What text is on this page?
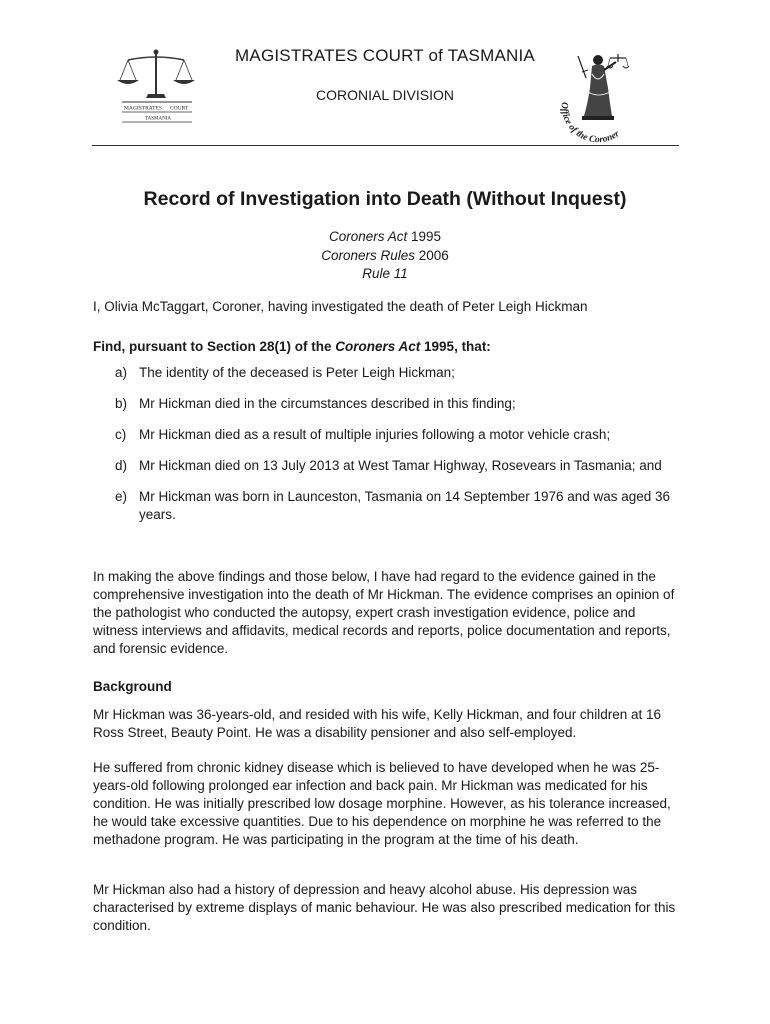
MAGISTRATES COURT
TASMANIA
MAGISTRATES COURT of TASMANIA
CORONIAL DIVISION
Office of the Coroner
Record of Investigation into Death (Without Inquest)
Coroners Act 1995
Coroners Rules 2006
Rule 11

I, Olivia McTaggart, Coroner, having investigated the death of Peter Leigh Hickman

Find, pursuant to Section 28(1) of the Coroners Act 1995, that:

a) The identity of the deceased is Peter Leigh Hickman;
b) Mr Hickman died in the circumstances described in this finding;
c) Mr Hickman died as a result of multiple injuries following a motor vehicle crash;
d) Mr Hickman died on 13 July 2013 at West Tamar Highway, Rosevears in Tasmania; and
e) Mr Hickman was born in Launceston, Tasmania on 14 September 1976 and was aged 36 years.

In making the above findings and those below, I have had regard to the evidence gained in the comprehensive investigation into the death of Mr Hickman. The evidence comprises an opinion of the pathologist who conducted the autopsy, expert crash investigation evidence, police and witness interviews and affidavits, medical records and reports, police documentation and reports, and forensic evidence.

Background

Mr Hickman was 36-years-old, and resided with his wife, Kelly Hickman, and four children at 16 Ross Street, Beauty Point. He was a disability pensioner and also self-employed.

He suffered from chronic kidney disease which is believed to have developed when he was 25-years-old following prolonged ear infection and back pain. Mr Hickman was medicated for his condition. He was initially prescribed low dosage morphine. However, as his tolerance increased, he would take excessive quantities. Due to his dependence on morphine he was referred to the methadone program. He was participating in the program at the time of his death.

Mr Hickman also had a history of depression and heavy alcohol abuse. His depression was characterised by extreme displays of manic behaviour. He was also prescribed medication for this condition.
